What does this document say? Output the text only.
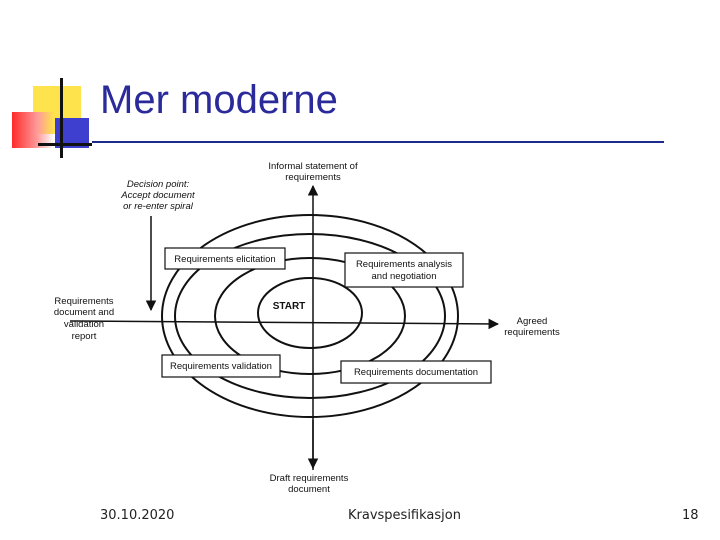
Mer moderne
Informal statement of
requirements
Draft requirements
document
Agreed
requirements
Requirements
document and
validation
report
Decision point:
Accept document
or re-enter spiral
START
Requirements elicitation	Requirements analysis
and negotiation
Requirements validation
Requirements documentation
30.10.2020	Kravspesifikasjon	18
